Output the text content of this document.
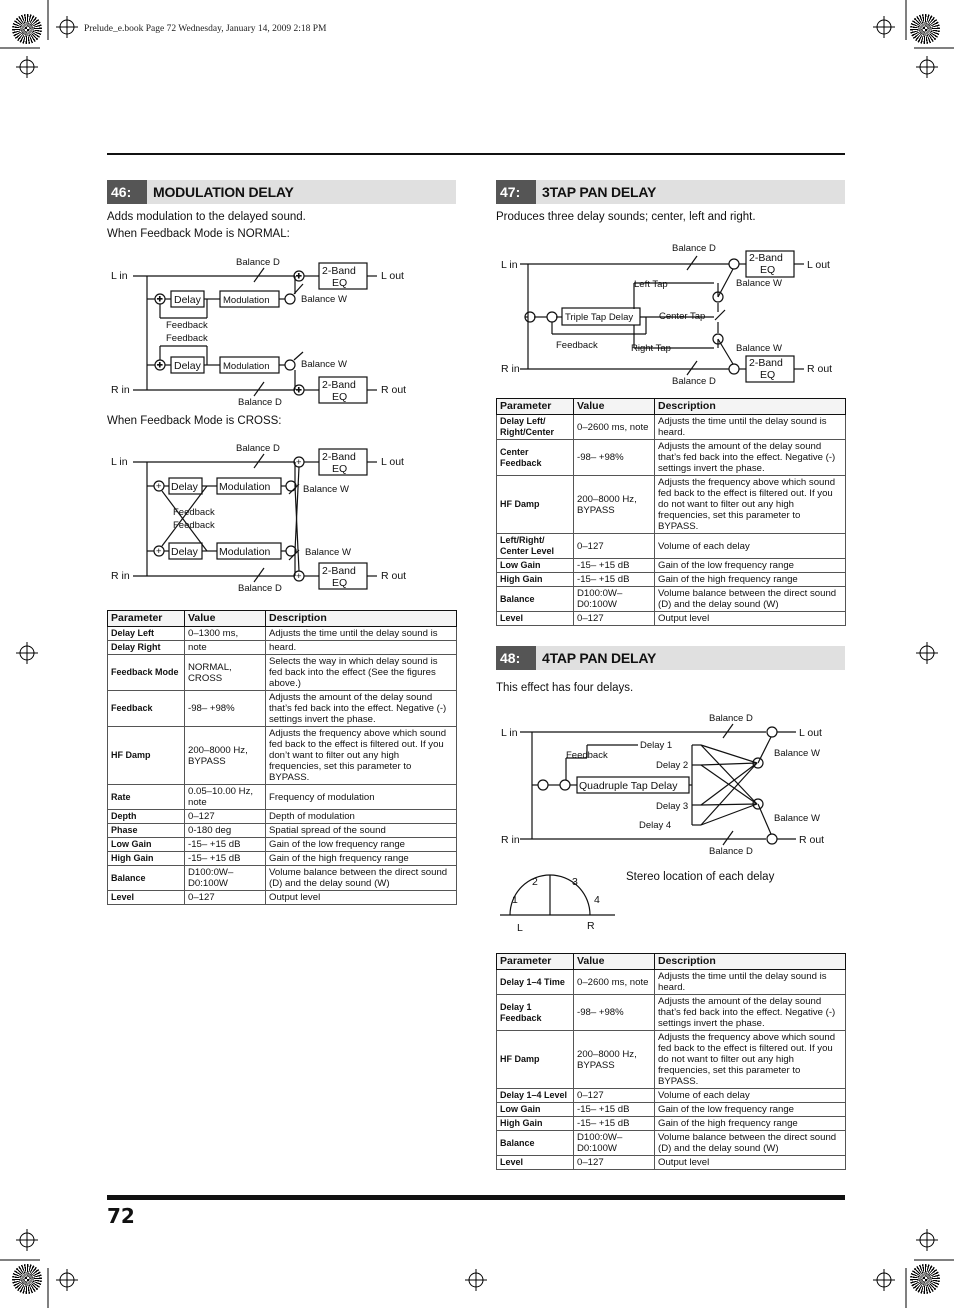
Prelude_e.book Page 72 Wednesday, January 14, 2009 2:18 PM
46:	MODULATION DELAY
Adds modulation to the delayed sound.
When Feedback Mode is NORMAL:
+
+
+
+
L in
R in
L out
R out
Balance D
Balance D
Balance W
Balance W
Delay
Delay
Modulation
Modulation
Feedback
Feedback
2-Band
EQ
2-Band
EQ
When Feedback Mode is CROSS:
+
+
+
+
L in
R in
L out
R out
Balance D
Balance D
Balance W
Balance W
Delay
Delay
Modulation
Modulation
Feedback
Feedback
2-Band
EQ
2-Band
EQ
Parameter	Value	Description
Delay Left	0–1300 ms,	Adjusts the time until the delay sound is
Delay Right	note	heard.
Feedback Mode	NORMAL, CROSS	Selects the way in which delay sound is fed back into the effect (See the figures above.)
Feedback	-98– +98%	Adjusts the amount of the delay sound that’s fed back into the effect. Negative (-) settings invert the phase.
HF Damp	200–8000 Hz, BYPASS	Adjusts the frequency above which sound fed back to the effect is filtered out. If you don’t want to filter out any high frequencies, set this parameter to BYPASS.
Rate	0.05–10.00 Hz, note	Frequency of modulation
Depth	0–127	Depth of modulation
Phase	0-180 deg	Spatial spread of the sound
Low Gain	-15– +15 dB	Gain of the low frequency range
High Gain	-15– +15 dB	Gain of the high frequency range
Balance	D100:0W– D0:100W	Volume balance between the direct sound (D) and the delay sound (W)
Level	0–127	Output level
47:	3TAP PAN DELAY
Produces three delay sounds; center, left and right.
L in
R in
L out
R out
Balance D
Balance D
Balance W
Balance W
Triple Tap Delay
Left Tap
Center Tap
Right Tap
Feedback
2-Band
EQ
2-Band
EQ
Parameter	Value	Description
Delay Left/ Right/Center	0–2600 ms, note	Adjusts the time until the delay sound is heard.
Center Feedback	-98– +98%	Adjusts the amount of the delay sound that’s fed back into the effect. Negative (-) settings invert the phase.
HF Damp	200–8000 Hz, BYPASS	Adjusts the frequency above which sound fed back to the effect is filtered out. If you do not want to filter out any high frequencies, set this parameter to BYPASS.
Left/Right/ Center Level	0–127	Volume of each delay
Low Gain	-15– +15 dB	Gain of the low frequency range
High Gain	-15– +15 dB	Gain of the high frequency range
Balance	D100:0W– D0:100W	Volume balance between the direct sound (D) and the delay sound (W)
Level	0–127	Output level
48:	4TAP PAN DELAY
This effect has four delays.
L in
R in
L out
R out
Balance D
Balance D
Balance W
Balance W
Quadruple Tap Delay
Feedback
Delay 1
Delay 2
Delay 3
Delay 4
1
2	3
4
L	R
Stereo location of each delay
Parameter	Value	Description
Delay 1–4 Time	0–2600 ms, note	Adjusts the time until the delay sound is heard.
Delay 1 Feedback	-98– +98%	Adjusts the amount of the delay sound that’s fed back into the effect. Negative (-) settings invert the phase.
HF Damp	200–8000 Hz, BYPASS	Adjusts the frequency above which sound fed back to the effect is filtered out. If you do not want to filter out any high frequencies, set this parameter to BYPASS.
Delay 1–4 Level	0–127	Volume of each delay
Low Gain	-15– +15 dB	Gain of the low frequency range
High Gain	-15– +15 dB	Gain of the high frequency range
Balance	D100:0W– D0:100W	Volume balance between the direct sound (D) and the delay sound (W)
Level	0–127	Output level
72
